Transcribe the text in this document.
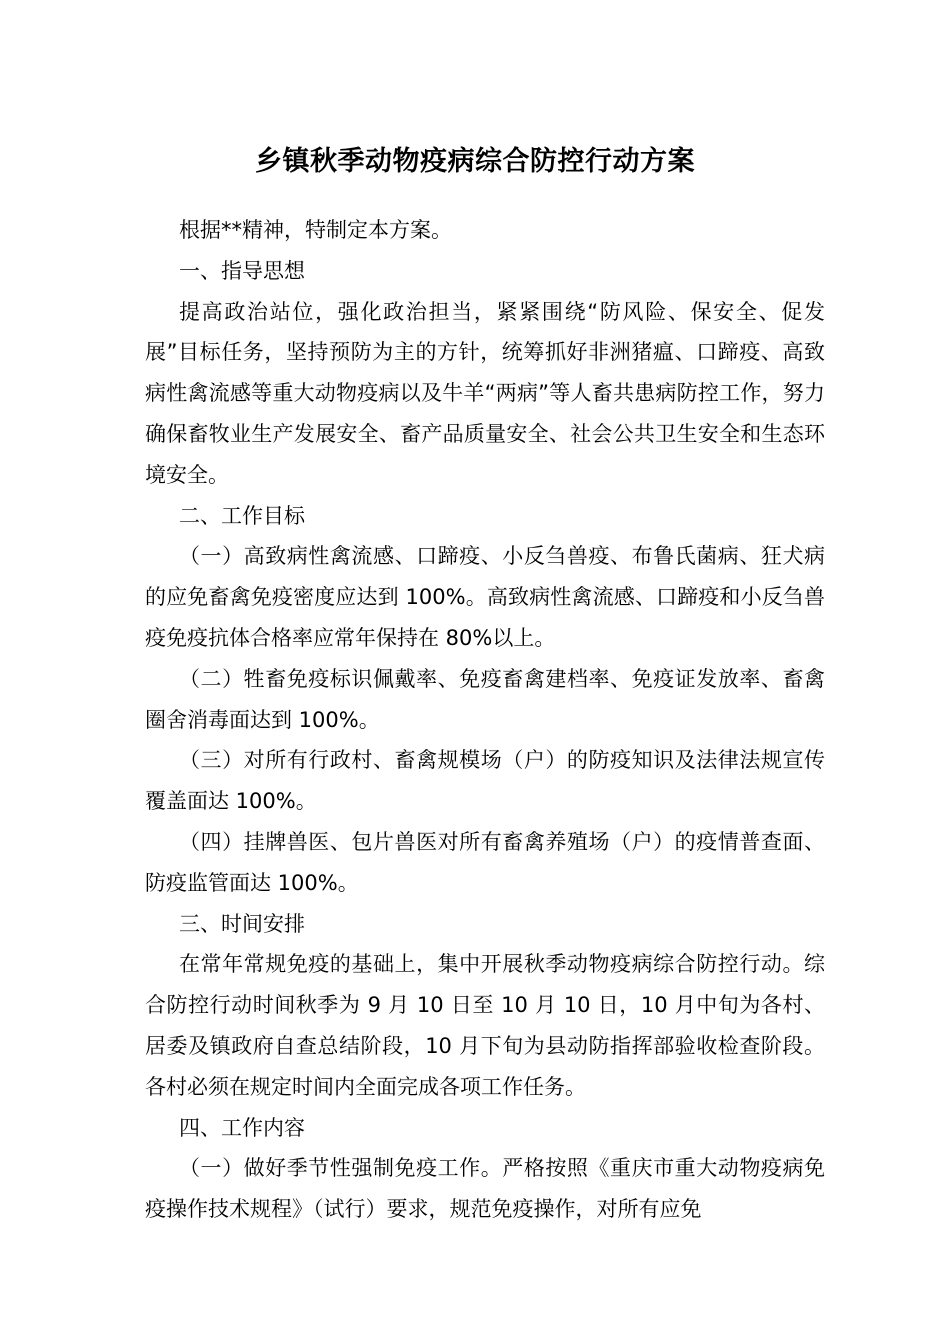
乡镇秋季动物疫病综合防控行动方案

根据**精神，特制定本方案。

一、指导思想

提高政治站位，强化政治担当，紧紧围绕“防风险、保安全、促发展”目标任务，坚持预防为主的方针，统筹抓好非洲猪瘟、口蹄疫、高致病性禽流感等重大动物疫病以及牛羊“两病”等人畜共患病防控工作，努力确保畜牧业生产发展安全、畜产品质量安全、社会公共卫生安全和生态环境安全。

二、工作目标

（一）高致病性禽流感、口蹄疫、小反刍兽疫、布鲁氏菌病、狂犬病的应免畜禽免疫密度应达到 100%。高致病性禽流感、口蹄疫和小反刍兽疫免疫抗体合格率应常年保持在 80%以上。

（二）牲畜免疫标识佩戴率、免疫畜禽建档率、免疫证发放率、畜禽圈舍消毒面达到 100%。

（三）对所有行政村、畜禽规模场（户）的防疫知识及法律法规宣传覆盖面达 100%。

（四）挂牌兽医、包片兽医对所有畜禽养殖场（户）的疫情普查面、防疫监管面达 100%。

三、时间安排

在常年常规免疫的基础上，集中开展秋季动物疫病综合防控行动。综合防控行动时间秋季为 9 月 10 日至 10 月 10 日，10 月中旬为各村、居委及镇政府自查总结阶段，10 月下旬为县动防指挥部验收检查阶段。各村必须在规定时间内全面完成各项工作任务。

四、工作内容

（一）做好季节性强制免疫工作。严格按照《重庆市重大动物疫病免疫操作技术规程》（试行）要求，规范免疫操作，对所有应免
